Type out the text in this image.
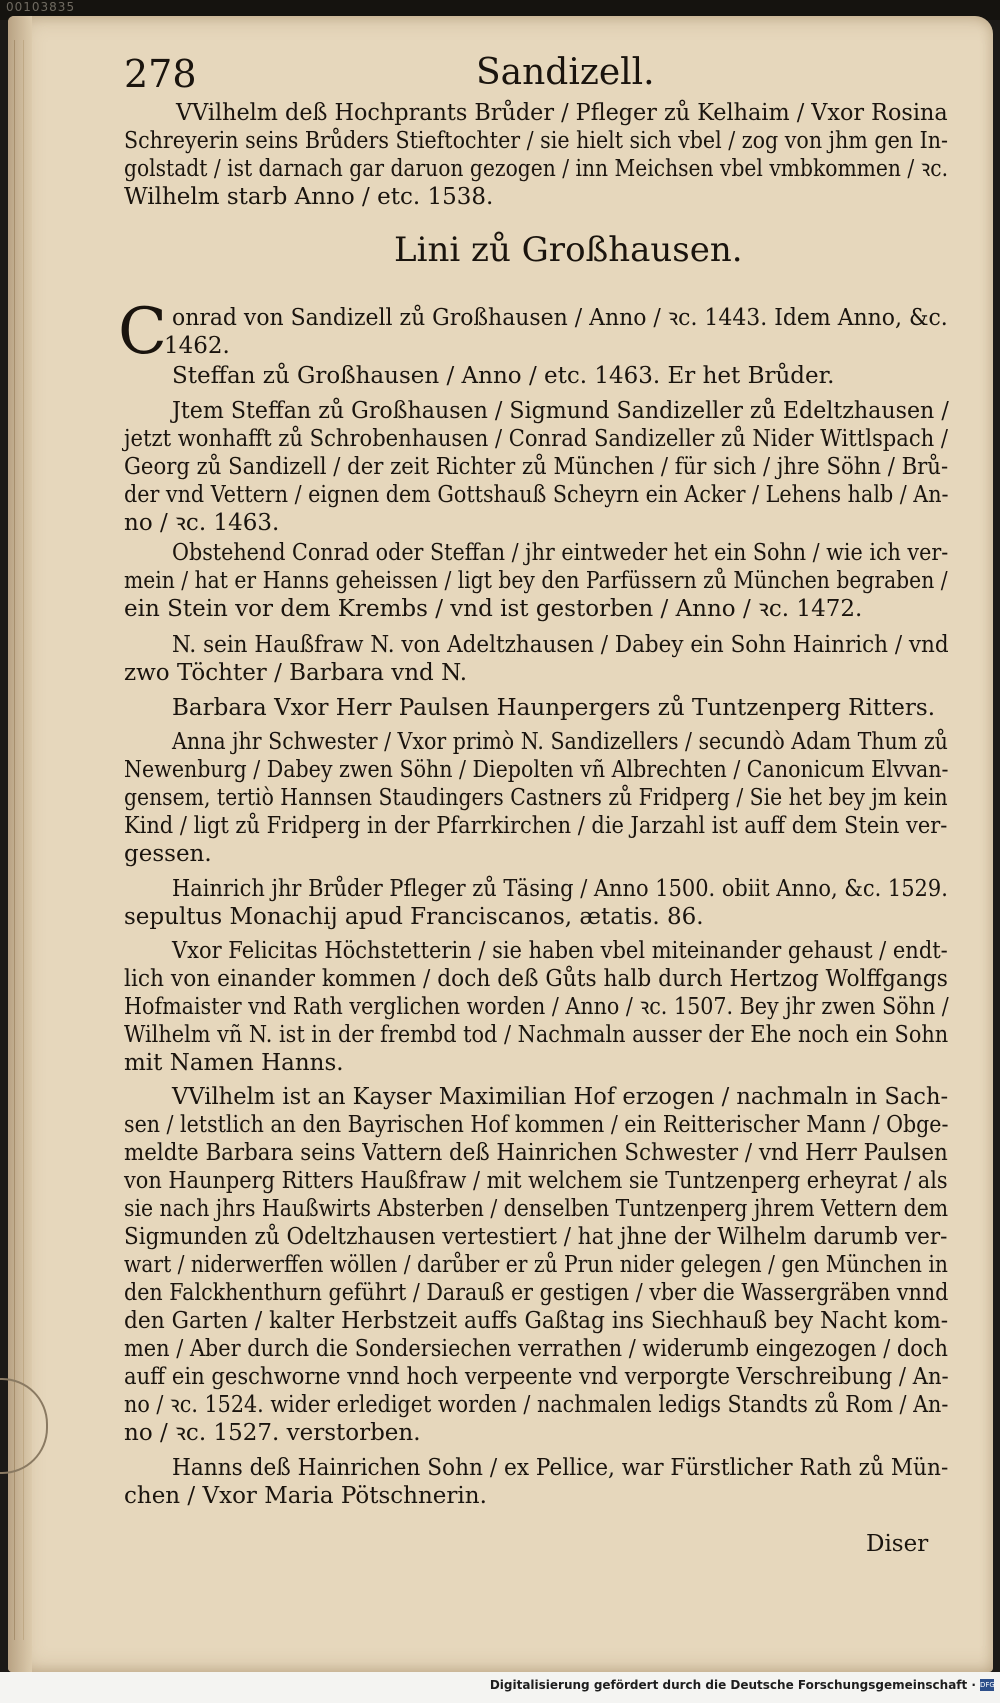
00103835

278	Sandizell.

VVilhelm deß Hochprants Brůder / Pfleger zů Kelhaim / Vxor Rosina

Schreyerin seins Brůders Stieftochter / sie hielt sich vbel / zog von jhm gen In-

golstadt / ist darnach gar daruon gezogen / inn Meichsen vbel vmbkommen / ꝛc.

Wilhelm starb Anno / etc. 1538.

Lini zů Großhausen.

C onrad von Sandizell zů Großhausen / Anno / ꝛc. 1443. Idem Anno, &c.

1462.

Steffan zů Großhausen / Anno / etc. 1463. Er het Brůder.

Jtem Steffan zů Großhausen / Sigmund Sandizeller zů Edeltzhausen /

jetzt wonhafft zů Schrobenhausen / Conrad Sandizeller zů Nider Wittlspach /

Georg zů Sandizell / der zeit Richter zů München / für sich / jhre Söhn / Brů-

der vnd Vettern / eignen dem Gottshauß Scheyrn ein Acker / Lehens halb / An-

no / ꝛc. 1463.

Obstehend Conrad oder Steffan / jhr eintweder het ein Sohn / wie ich ver-

mein / hat er Hanns geheissen / ligt bey den Parfüssern zů München begraben /

ein Stein vor dem Krembs / vnd ist gestorben / Anno / ꝛc. 1472.

N. sein Haußfraw N. von Adeltzhausen / Dabey ein Sohn Hainrich / vnd

zwo Töchter / Barbara vnd N.

Barbara Vxor Herr Paulsen Haunpergers zů Tuntzenperg Ritters.

Anna jhr Schwester / Vxor primò N. Sandizellers / secundò Adam Thum zů

Newenburg / Dabey zwen Söhn / Diepolten vñ Albrechten / Canonicum Elvvan-

gensem, tertiò Hannsen Staudingers Castners zů Fridperg / Sie het bey jm kein

Kind / ligt zů Fridperg in der Pfarrkirchen / die Jarzahl ist auff dem Stein ver-

gessen.

Hainrich jhr Brůder Pfleger zů Täsing / Anno 1500. obiit Anno, &c. 1529.

sepultus Monachij apud Franciscanos, ætatis. 86.

Vxor Felicitas Höchstetterin / sie haben vbel miteinander gehaust / endt-

lich von einander kommen / doch deß Gůts halb durch Hertzog Wolffgangs

Hofmaister vnd Rath verglichen worden / Anno / ꝛc. 1507. Bey jhr zwen Söhn /

Wilhelm vñ N. ist in der frembd tod / Nachmaln ausser der Ehe noch ein Sohn

mit Namen Hanns.

VVilhelm ist an Kayser Maximilian Hof erzogen / nachmaln in Sach-

sen / letstlich an den Bayrischen Hof kommen / ein Reitterischer Mann / Obge-

meldte Barbara seins Vattern deß Hainrichen Schwester / vnd Herr Paulsen

von Haunperg Ritters Haußfraw / mit welchem sie Tuntzenperg erheyrat / als

sie nach jhrs Haußwirts Absterben / denselben Tuntzenperg jhrem Vettern dem

Sigmunden zů Odeltzhausen vertestiert / hat jhne der Wilhelm darumb ver-

wart / niderwerffen wöllen / darůber er zů Prun nider gelegen / gen München in

den Falckhenthurn geführt / Darauß er gestigen / vber die Wassergräben vnnd

den Garten / kalter Herbstzeit auffs Gaßtag ins Siechhauß bey Nacht kom-

men / Aber durch die Sondersiechen verrathen / widerumb eingezogen / doch

auff ein geschworne vnnd hoch verpeente vnd verporgte Verschreibung / An-

no / ꝛc. 1524. wider erlediget worden / nachmalen ledigs Standts zů Rom / An-

no / ꝛc. 1527. verstorben.

Hanns deß Hainrichen Sohn / ex Pellice, war Fürstlicher Rath zů Mün-

chen / Vxor Maria Pötschnerin.

Diser

Digitalisierung gefördert durch die Deutsche Forschungsgemeinschaft · DFG
